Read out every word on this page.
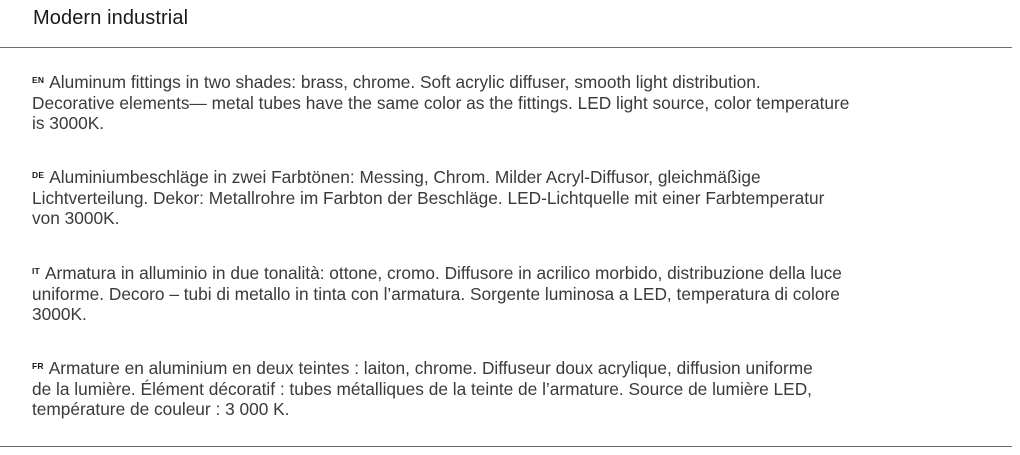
Modern industrial
$^{EN}$ Aluminum fittings in two shades: brass, chrome. Soft acrylic diffuser, smooth light distribution.
Decorative elements— metal tubes have the same color as the fittings. LED light source, color temperature
is 3000K.
$^{DE}$ Aluminiumbeschläge in zwei Farbtönen: Messing, Chrom. Milder Acryl-Diffusor, gleichmäßige
Lichtverteilung. Dekor: Metallrohre im Farbton der Beschläge. LED-Lichtquelle mit einer Farbtemperatur
von 3000K.
$^{IT}$ Armatura in alluminio in due tonalità: ottone, cromo. Diffusore in acrilico morbido, distribuzione della luce
uniforme. Decoro – tubi di metallo in tinta con l’armatura. Sorgente luminosa a LED, temperatura di colore
3000K.
$^{FR}$ Armature en aluminium en deux teintes : laiton, chrome. Diffuseur doux acrylique, diffusion uniforme
de la lumière. Élément décoratif : tubes métalliques de la teinte de l’armature. Source de lumière LED,
température de couleur : 3 000 K.
